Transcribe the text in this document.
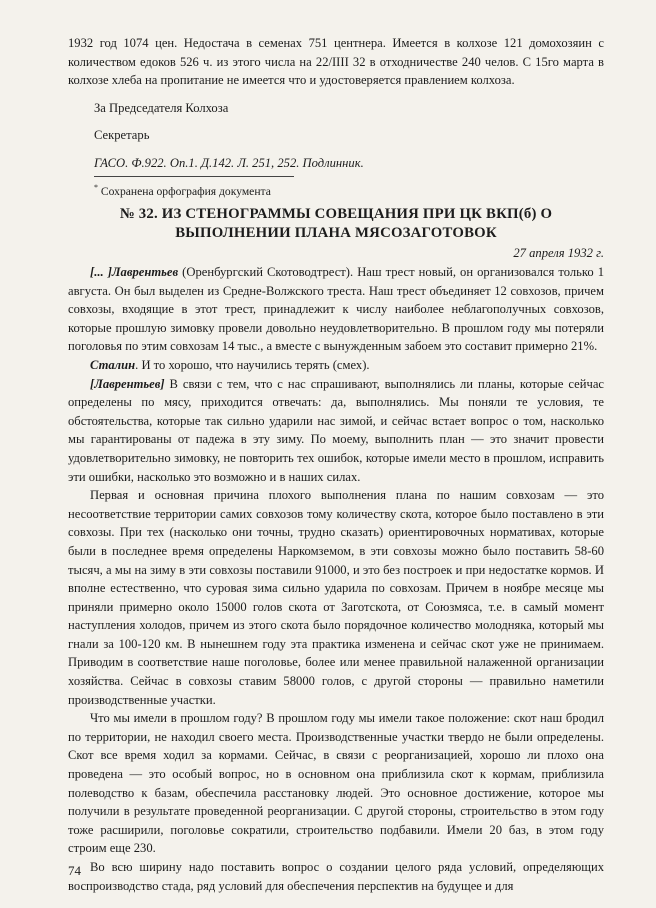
1932 год 1074 цен. Недостача в семенах 751 центнера. Имеется в колхозе 121 домохозяин с количеством едоков 526 ч. из этого числа на 22/IIII 32 в отходничестве 240 челов. С 15го марта в колхозе хлеба на пропитание не имеется что и удостоверяется правлением колхоза.

За Председателя Колхоза

Секретарь

ГАСО. Ф.922. Оп.1. Д.142. Л. 251, 252. Подлинник.

* Сохранена орфография документа

№ 32. ИЗ СТЕНОГРАММЫ СОВЕЩАНИЯ ПРИ ЦК ВКП(б) О ВЫПОЛНЕНИИ ПЛАНА МЯСОЗАГОТОВОК

27 апреля 1932 г.

[... ]Лаврентьев (Оренбургский Скотоводтрест). Наш трест новый, он организовался только 1 августа. Он был выделен из Средне-Волжского треста. Наш трест объединяет 12 совхозов, причем совхозы, входящие в этот трест, принадлежит к числу наиболее неблагополучных совхозов, которые прошлую зимовку провели довольно неудовлетворительно. В прошлом году мы потеряли поголовья по этим совхозам 14 тыс., а вместе с вынужденным забоем это составит примерно 21%.

Сталин. И то хорошо, что научились терять (смех).

[Лаврентьев] В связи с тем, что с нас спрашивают, выполнялись ли планы, которые сейчас определены по мясу, приходится отвечать: да, выполнялись. Мы поняли те условия, те обстоятельства, которые так сильно ударили нас зимой, и сейчас встает вопрос о том, насколько мы гарантированы от падежа в эту зиму. По моему, выполнить план — это значит провести удовлетворительно зимовку, не повторить тех ошибок, которые имели место в прошлом, исправить эти ошибки, насколько это возможно и в наших силах.

Первая и основная причина плохого выполнения плана по нашим совхозам — это несоответствие территории самих совхозов тому количеству скота, которое было поставлено в эти совхозы. При тех (насколько они точны, трудно сказать) ориентировочных нормативах, которые были в последнее время определены Наркомземом, в эти совхозы можно было поставить 58-60 тысяч, а мы на зиму в эти совхозы поставили 91000, и это без построек и при недостатке кормов. И вполне естественно, что суровая зима сильно ударила по совхозам. Причем в ноябре месяце мы приняли примерно около 15000 голов скота от Заготскота, от Союзмяса, т.е. в самый момент наступления холодов, причем из этого скота было порядочное количество молодняка, который мы гнали за 100-120 км. В нынешнем году эта практика изменена и сейчас скот уже не принимаем. Приводим в соответствие наше поголовье, более или менее правильной налаженной организации хозяйства. Сейчас в совхозы ставим 58000 голов, с другой стороны — правильно наметили производственные участки.

Что мы имели в прошлом году? В прошлом году мы имели такое положение: скот наш бродил по территории, не находил своего места. Производственные участки твердо не были определены. Скот все время ходил за кормами. Сейчас, в связи с реорганизацией, хорошо ли плохо она проведена — это особый вопрос, но в основном она приблизила скот к кормам, приблизила полеводство к базам, обеспечила расстановку людей. Это основное достижение, которое мы получили в результате проведенной реорганизации. С другой стороны, строительство в этом году тоже расширили, поголовье сократили, строительство подбавили. Имели 20 баз, в этом году строим еще 230.

Во всю ширину надо поставить вопрос о создании целого ряда условий, определяющих воспроизводство стада, ряд условий для обеспечения перспектив на будущее и для

74
